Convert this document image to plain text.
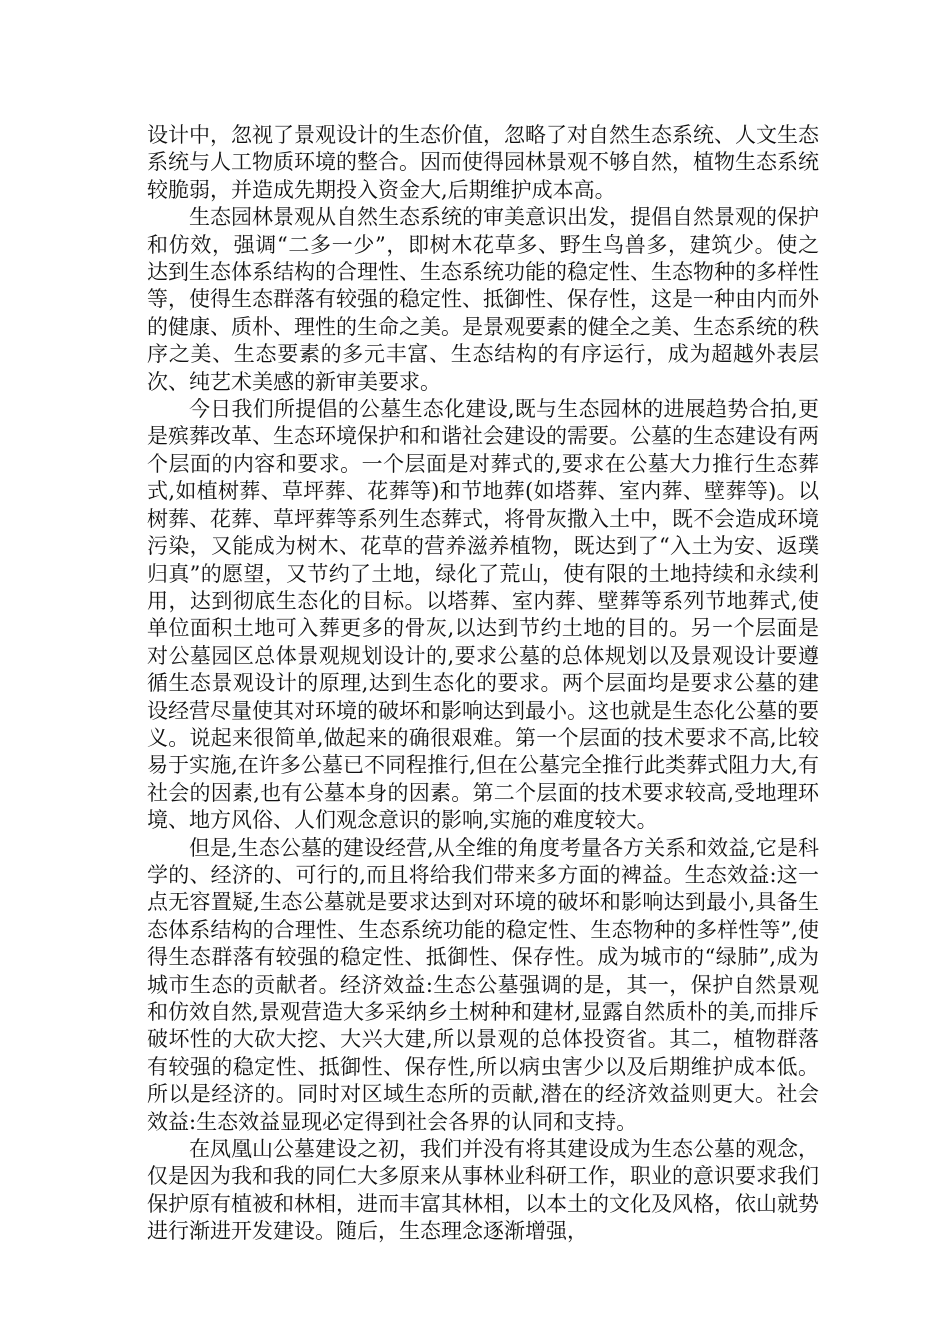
设计中，忽视了景观设计的生态价值，忽略了对自然生态系统、人文生态系统与人工物质环境的整合。因而使得园林景观不够自然，植物生态系统较脆弱，并造成先期投入资金大,后期维护成本高。

生态园林景观从自然生态系统的审美意识出发，提倡自然景观的保护和仿效，强调“二多一少”，即树木花草多、野生鸟兽多，建筑少。使之达到生态体系结构的合理性、生态系统功能的稳定性、生态物种的多样性等，使得生态群落有较强的稳定性、抵御性、保存性，这是一种由内而外的健康、质朴、理性的生命之美。是景观要素的健全之美、生态系统的秩序之美、生态要素的多元丰富、生态结构的有序运行，成为超越外表层次、纯艺术美感的新审美要求。

今日我们所提倡的公墓生态化建设,既与生态园林的进展趋势合拍,更是殡葬改革、生态环境保护和和谐社会建设的需要。公墓的生态建设有两个层面的内容和要求。一个层面是对葬式的,要求在公墓大力推行生态葬式,如植树葬、草坪葬、花葬等)和节地葬(如塔葬、室内葬、壁葬等)。以树葬、花葬、草坪葬等系列生态葬式，将骨灰撒入土中，既不会造成环境污染，又能成为树木、花草的营养滋养植物，既达到了“入土为安、返璞归真”的愿望，又节约了土地，绿化了荒山，使有限的土地持续和永续利用，达到彻底生态化的目标。以塔葬、室内葬、壁葬等系列节地葬式,使单位面积土地可入葬更多的骨灰,以达到节约土地的目的。另一个层面是对公墓园区总体景观规划设计的,要求公墓的总体规划以及景观设计要遵循生态景观设计的原理,达到生态化的要求。两个层面均是要求公墓的建设经营尽量使其对环境的破坏和影响达到最小。这也就是生态化公墓的要义。说起来很简单,做起来的确很艰难。第一个层面的技术要求不高,比较易于实施,在许多公墓已不同程推行,但在公墓完全推行此类葬式阻力大,有社会的因素,也有公墓本身的因素。第二个层面的技术要求较高,受地理环境、地方风俗、人们观念意识的影响,实施的难度较大。

但是,生态公墓的建设经营,从全维的角度考量各方关系和效益,它是科学的、经济的、可行的,而且将给我们带来多方面的裨益。生态效益:这一点无容置疑,生态公墓就是要求达到对环境的破坏和影响达到最小,具备生态体系结构的合理性、生态系统功能的稳定性、生态物种的多样性等”,使得生态群落有较强的稳定性、抵御性、保存性。成为城市的“绿肺”,成为城市生态的贡献者。经济效益:生态公墓强调的是，其一，保护自然景观和仿效自然,景观营造大多采纳乡土树种和建材,显露自然质朴的美,而排斥破坏性的大砍大挖、大兴大建,所以景观的总体投资省。其二，植物群落有较强的稳定性、抵御性、保存性,所以病虫害少以及后期维护成本低。所以是经济的。同时对区域生态所的贡献,潜在的经济效益则更大。社会效益:生态效益显现必定得到社会各界的认同和支持。

在凤凰山公墓建设之初，我们并没有将其建设成为生态公墓的观念，仅是因为我和我的同仁大多原来从事林业科研工作，职业的意识要求我们保护原有植被和林相，进而丰富其林相，以本土的文化及风格，依山就势进行渐进开发建设。随后，生态理念逐渐增强，
